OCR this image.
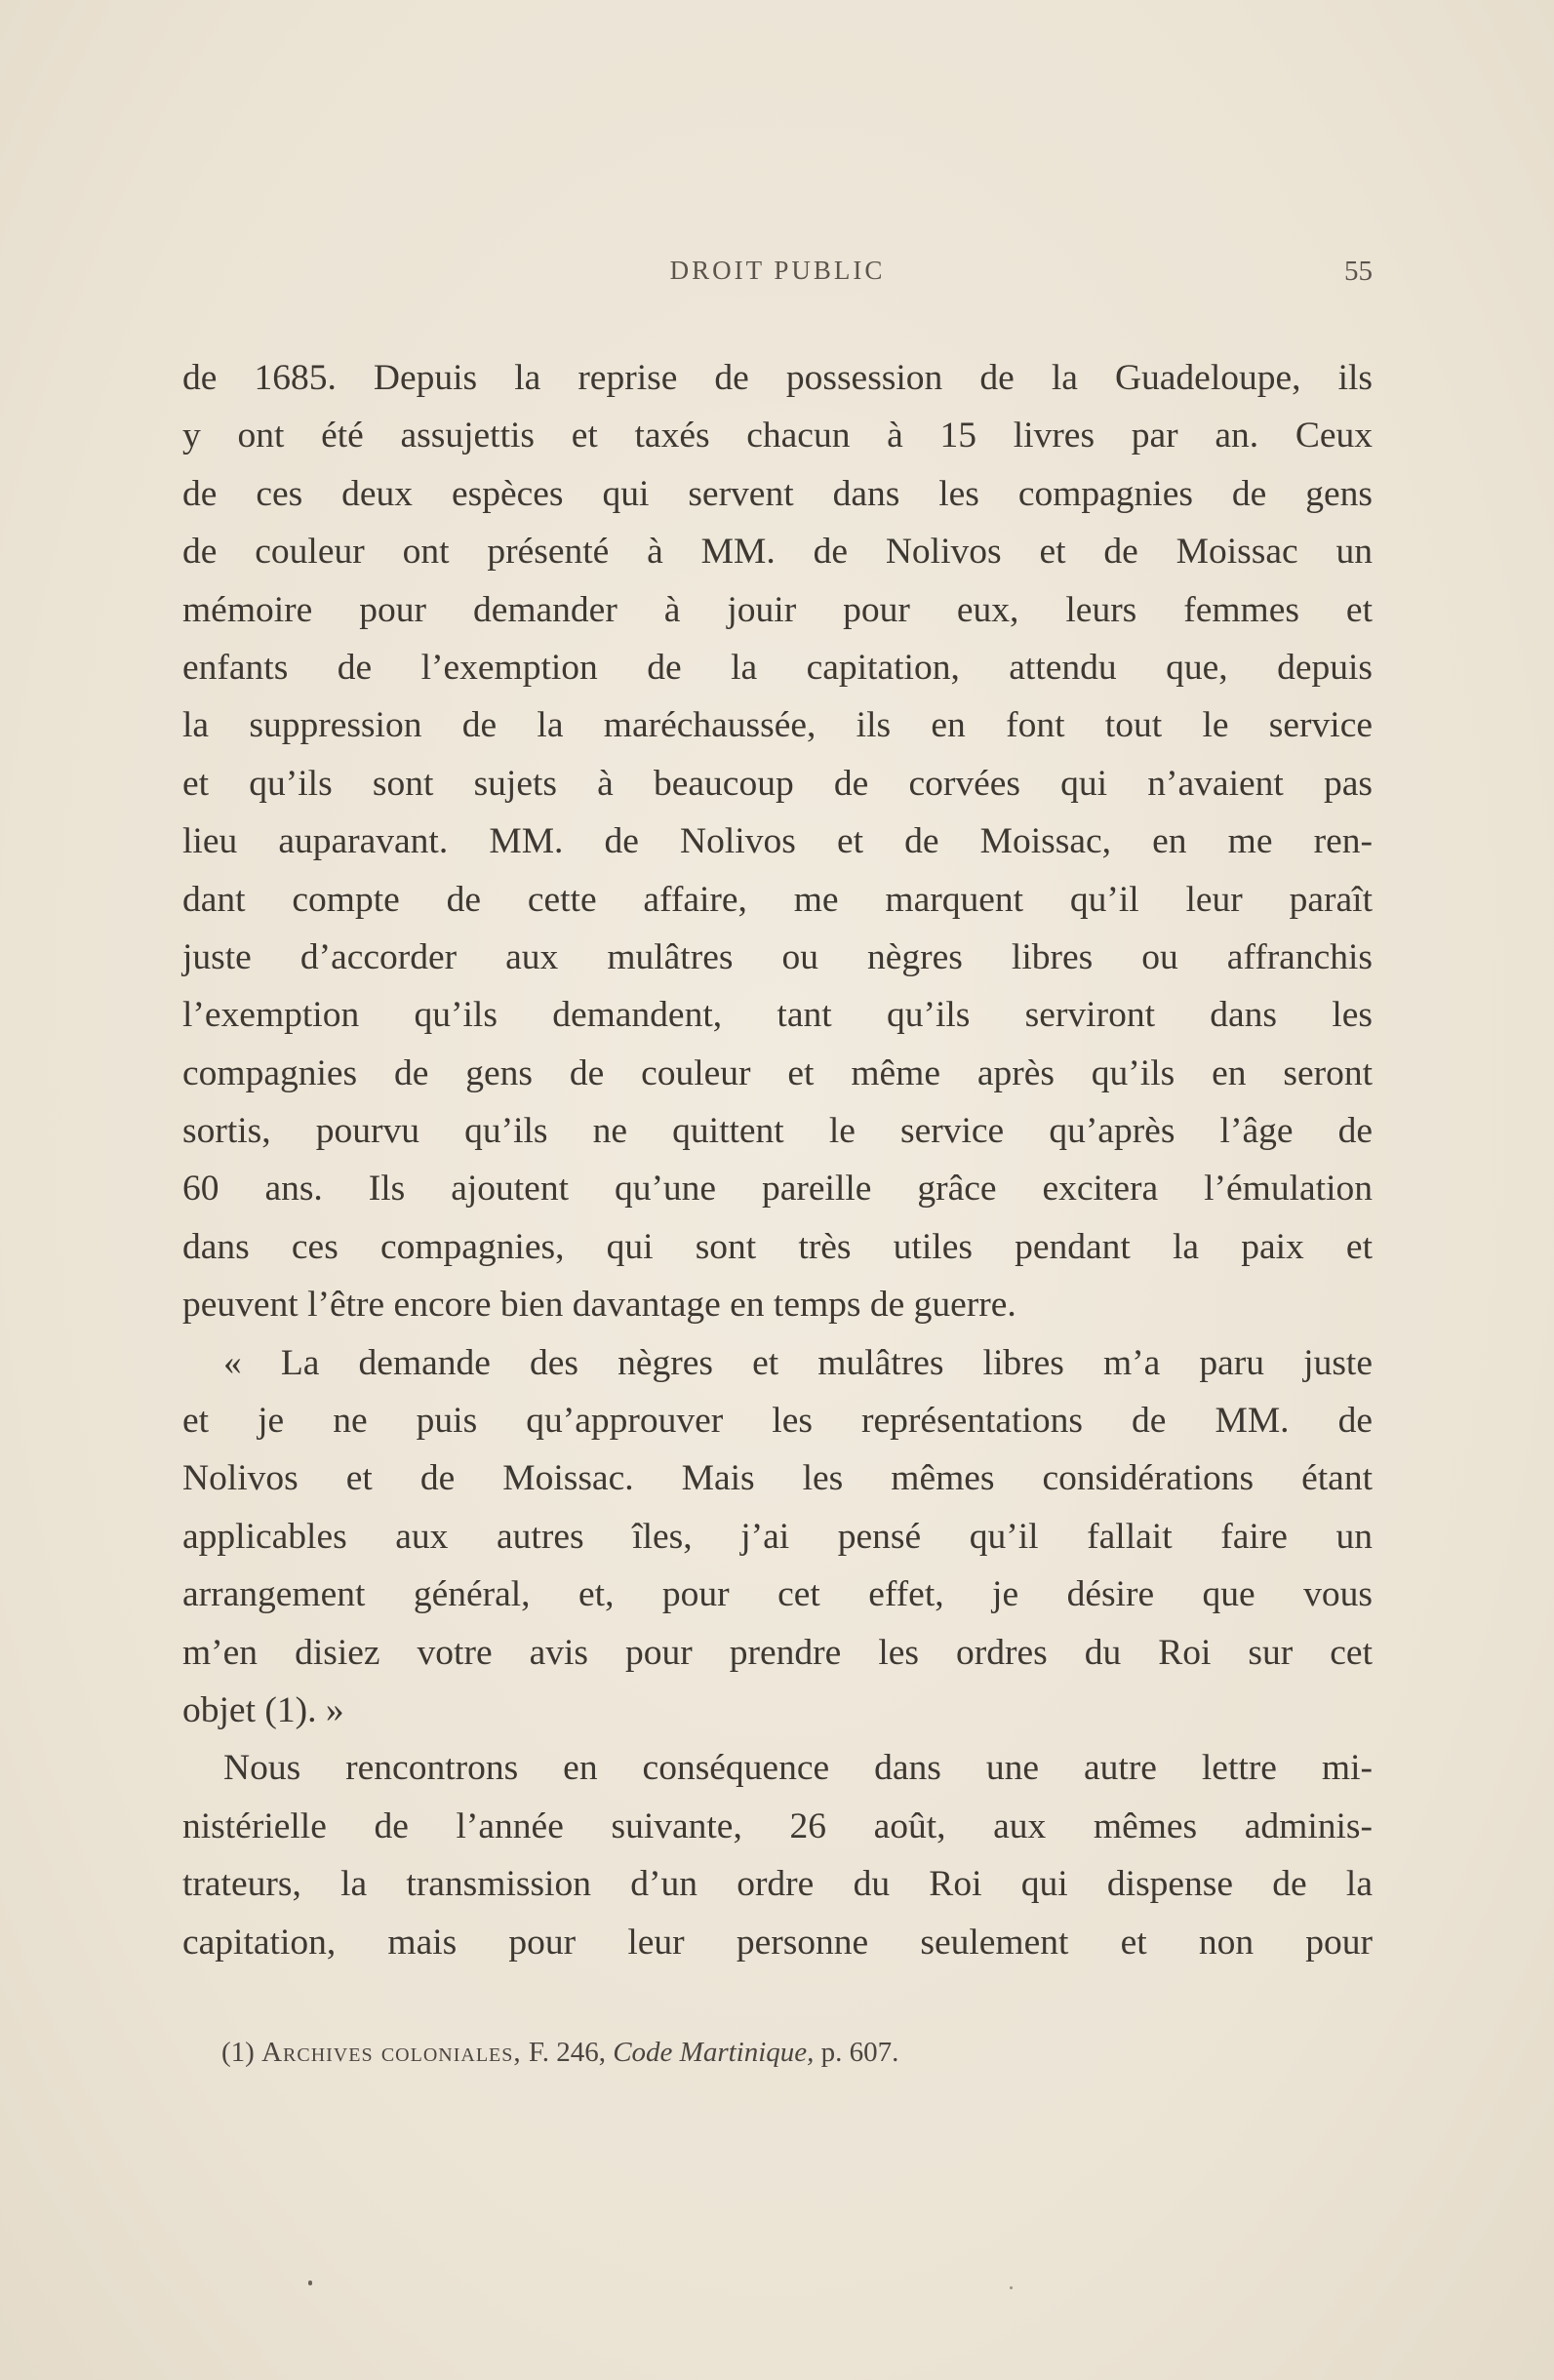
DROIT PUBLIC	55
de 1685. Depuis la reprise de possession de la Guadeloupe, ils
y ont été assujettis et taxés chacun à 15 livres par an. Ceux
de ces deux espèces qui servent dans les compagnies de gens
de couleur ont présenté à MM. de Nolivos et de Moissac un
mémoire pour demander à jouir pour eux, leurs femmes et
enfants de l’exemption de la capitation, attendu que, depuis
la suppression de la maréchaussée, ils en font tout le service
et qu’ils sont sujets à beaucoup de corvées qui n’avaient pas
lieu auparavant. MM. de Nolivos et de Moissac, en me ren-
dant compte de cette affaire, me marquent qu’il leur paraît
juste d’accorder aux mulâtres ou nègres libres ou affranchis
l’exemption qu’ils demandent, tant qu’ils serviront dans les
compagnies de gens de couleur et même après qu’ils en seront
sortis, pourvu qu’ils ne quittent le service qu’après l’âge de
60 ans. Ils ajoutent qu’une pareille grâce excitera l’émulation
dans ces compagnies, qui sont très utiles pendant la paix et
peuvent l’être encore bien davantage en temps de guerre.
« La demande des nègres et mulâtres libres m’a paru juste
et je ne puis qu’approuver les représentations de MM. de
Nolivos et de Moissac. Mais les mêmes considérations étant
applicables aux autres îles, j’ai pensé qu’il fallait faire un
arrangement général, et, pour cet effet, je désire que vous
m’en disiez votre avis pour prendre les ordres du Roi sur cet
objet (1). »
Nous rencontrons en conséquence dans une autre lettre mi-
nistérielle de l’année suivante, 26 août, aux mêmes adminis-
trateurs, la transmission d’un ordre du Roi qui dispense de la
capitation, mais pour leur personne seulement et non pour
(1) Archives coloniales, F. 246, Code Martinique, p. 607.
